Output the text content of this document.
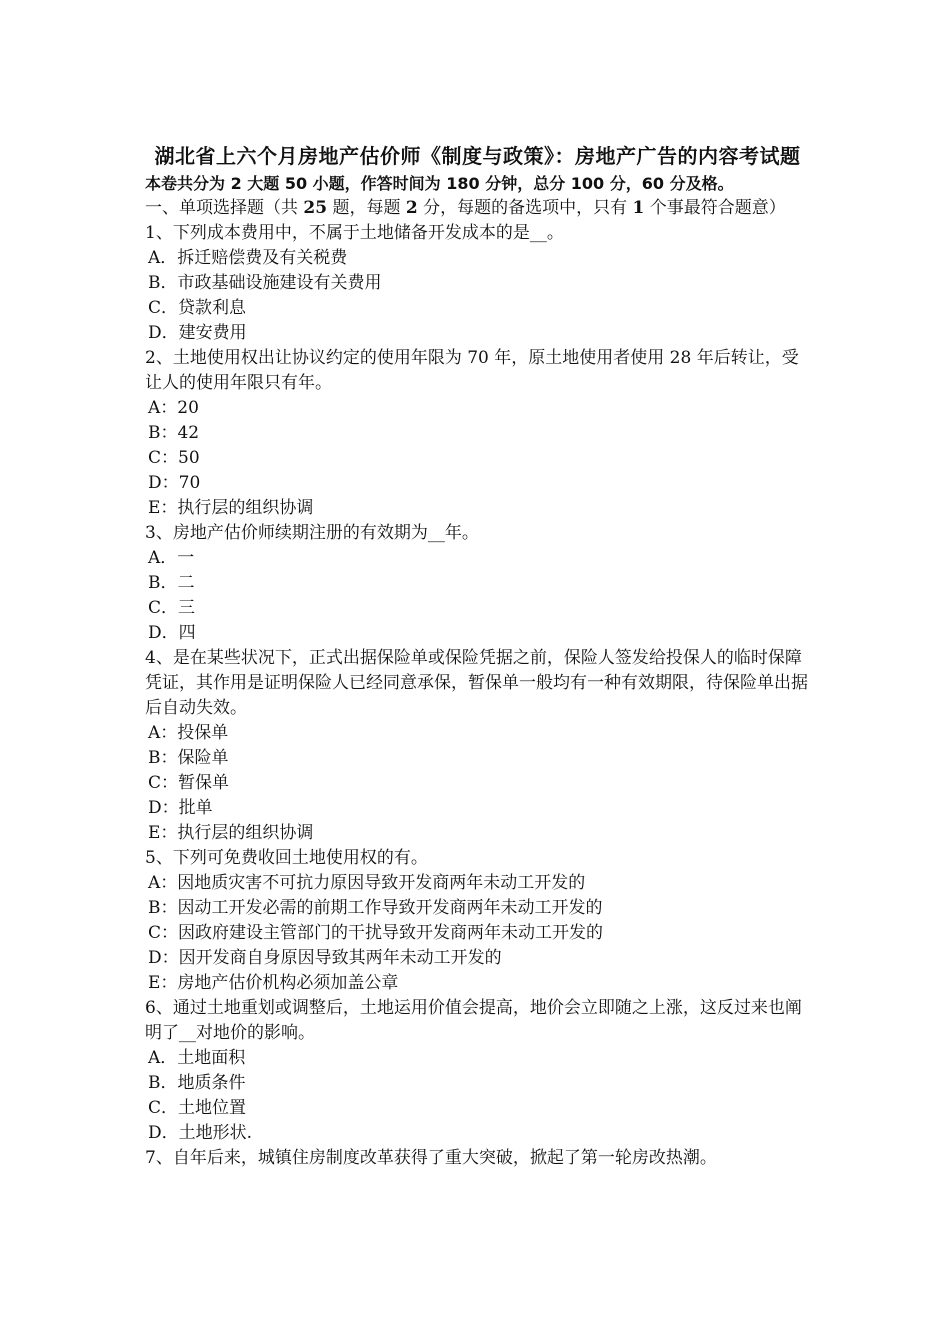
湖北省上六个月房地产估价师《制度与政策》：房地产广告的内容考试题

本卷共分为 2 大题 50 小题，作答时间为 180 分钟，总分 100 分，60 分及格。

一、单项选择题（共 25 题，每题 2 分，每题的备选项中，只有 1 个事最符合题意）

1、下列成本费用中，不属于土地储备开发成本的是__。

A．拆迁赔偿费及有关税费

B．市政基础设施建设有关费用

C．贷款利息

D．建安费用

2、土地使用权出让协议约定的使用年限为 70 年，原土地使用者使用 28 年后转让，受让人的使用年限只有年。

A：20

B：42

C：50

D：70

E：执行层的组织协调

3、房地产估价师续期注册的有效期为__年。

A．一

B．二

C．三

D．四

4、是在某些状况下，正式出据保险单或保险凭据之前，保险人签发给投保人的临时保障凭证，其作用是证明保险人已经同意承保，暂保单一般均有一种有效期限，待保险单出据后自动失效。

A：投保单

B：保险单

C：暂保单

D：批单

E：执行层的组织协调

5、下列可免费收回土地使用权的有。

A：因地质灾害不可抗力原因导致开发商两年未动工开发的

B：因动工开发必需的前期工作导致开发商两年未动工开发的

C：因政府建设主管部门的干扰导致开发商两年未动工开发的

D：因开发商自身原因导致其两年未动工开发的

E：房地产估价机构必须加盖公章

6、通过土地重划或调整后，土地运用价值会提高，地价会立即随之上涨，这反过来也阐明了__对地价的影响。

A．土地面积

B．地质条件

C．土地位置

D．土地形状.

7、自年后来，城镇住房制度改革获得了重大突破，掀起了第一轮房改热潮。
